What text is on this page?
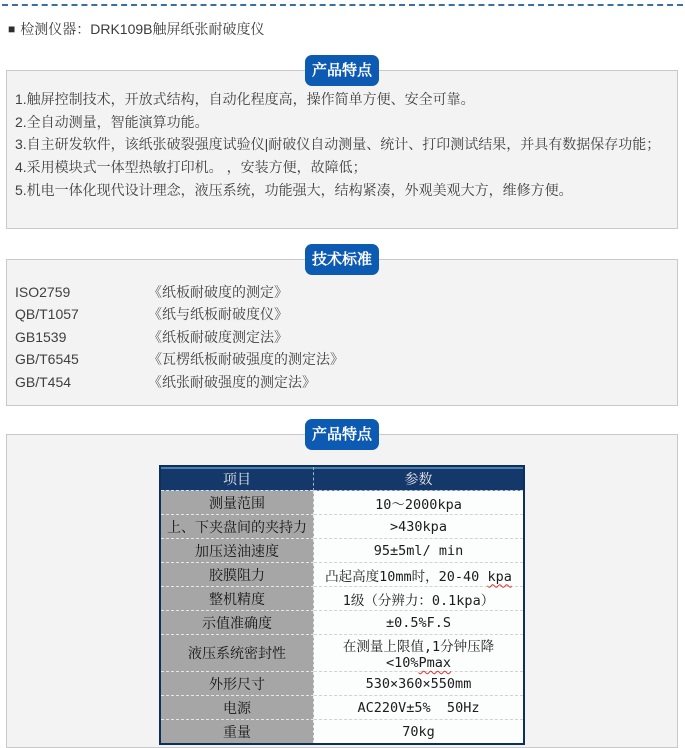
■ 检测仪器：DRK109B触屏纸张耐破度仪
产品特点
1.触屏控制技术，开放式结构，自动化程度高，操作简单方便、安全可靠。
2.全自动测量，智能演算功能。
3.自主研发软件，该纸张破裂强度试验仪|耐破仪自动测量、统计、打印测试结果，并具有数据保存功能；
4.采用模块式一体型热敏打印机。 ，安装方便，故障低；
5.机电一体化现代设计理念，液压系统，功能强大，结构紧凑，外观美观大方，维修方便。
技术标准
ISO2759	《纸板耐破度的测定》
QB/T1057	《纸与纸板耐破度仪》
GB1539	《纸板耐破度测定法》
GB/T6545	《瓦楞纸板耐破强度的测定法》
GB/T454	《纸张耐破强度的测定法》
产品特点
项目	参数
测量范围	10～2000kpa
上、下夹盘间的夹持力	>430kpa
加压送油速度	95±5ml/ min
胶膜阻力	凸起高度10mm时，20-40 kpa
整机精度	1级（分辨力：0.1kpa）
示值准确度	±0.5%F.S
液压系统密封性	在测量上限值,1分钟压降<10%Pmax
外形尺寸	530×360×550mm
电源	AC220V±5%  50Hz
重量	70kg
